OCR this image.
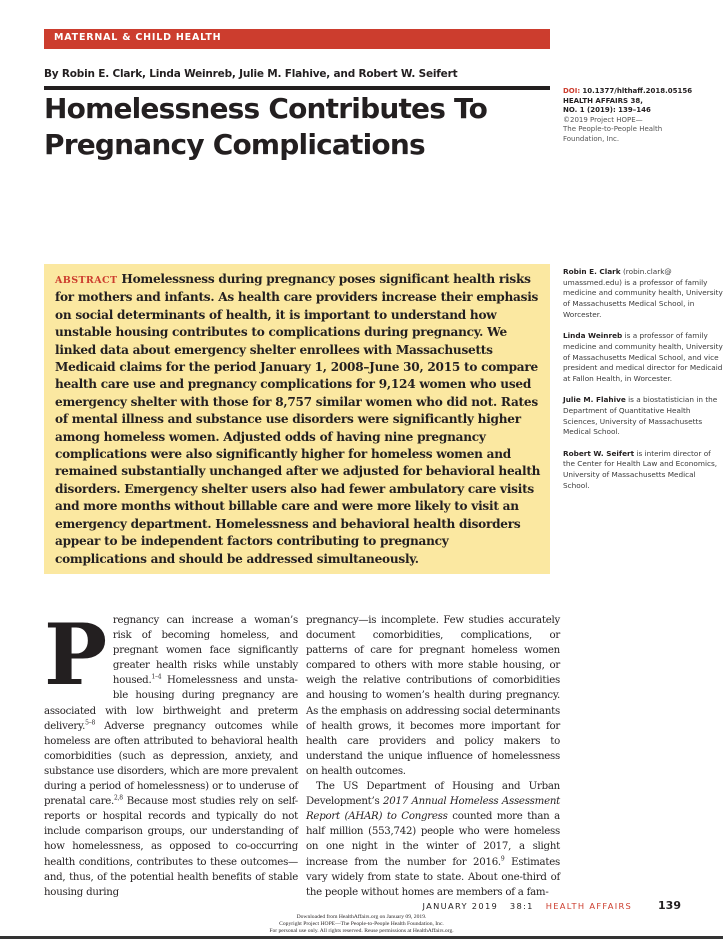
MATERNAL & CHILD HEALTH
By Robin E. Clark, Linda Weinreb, Julie M. Flahive, and Robert W. Seifert
Homelessness Contributes To
Pregnancy Complications
DOI: 10.1377/hlthaff.2018.05156
HEALTH AFFAIRS 38,
NO. 1 (2019): 139–146
©2019 Project HOPE—
The People-to-People Health
Foundation, Inc.
ABSTRACT Homelessness during pregnancy poses significant health risks for mothers and infants. As health care providers increase their emphasis on social determinants of health, it is important to understand how unstable housing contributes to complications during pregnancy. We linked data about emergency shelter enrollees with Massachusetts Medicaid claims for the period January 1, 2008–June 30, 2015 to compare health care use and pregnancy complications for 9,124 women who used emergency shelter with those for 8,757 similar women who did not. Rates of mental illness and substance use disorders were significantly higher among homeless women. Adjusted odds of having nine pregnancy complications were also significantly higher for homeless women and remained substantially unchanged after we adjusted for behavioral health disorders. Emergency shelter users also had fewer ambulatory care visits and more months without billable care and were more likely to visit an emergency department. Homelessness and behavioral health disorders appear to be independent factors contributing to pregnancy complications and should be addressed simultaneously.
Robin E. Clark (robin.clark@ umassmed.edu) is a professor of family medicine and community health, University of Massachusetts Medical School, in Worcester.
Linda Weinreb is a professor of family medicine and community health, University of Massachusetts Medical School, and vice president and medical director for Medicaid at Fallon Health, in Worcester.
Julie M. Flahive is a biostatistician in the Department of Quantitative Health Sciences, University of Massachusetts Medical School.
Robert W. Seifert is interim director of the Center for Health Law and Economics, University of Massachusetts Medical School.

Pregnancy can increase a woman’s risk of becoming homeless, and pregnant women face significantly greater health risks while unstably housed.$^{1-4}$ Homelessness and unstable housing during pregnancy are associated with low birthweight and preterm delivery.$^{5-8}$ Adverse pregnancy outcomes while homeless are often attributed to behavioral health comorbidities (such as depression, anxiety, and substance use disorders, which are more prevalent during a period of homelessness) or to underuse of prenatal care.$^{2,8}$ Because most studies rely on self-reports or hospital records and typically do not include comparison groups, our understanding of how homelessness, as opposed to co-occurring health conditions, contributes to these outcomes—and, thus, of the potential health benefits of stable housing during

pregnancy—is incomplete. Few studies accurately document comorbidities, complications, or patterns of care for pregnant homeless women compared to others with more stable housing, or weigh the relative contributions of comorbidities and housing to women’s health during pregnancy. As the emphasis on addressing social determinants of health grows, it becomes more important for health care providers and policy makers to understand the unique influence of homelessness on health outcomes.

The US Department of Housing and Urban Development’s 2017 Annual Homeless Assessment Report (AHAR) to Congress counted more than a half million (553,742) people who were homeless on one night in the winter of 2017, a slight increase from the number for 2016.$^9$ Estimates vary widely from state to state. About one-third of the people without homes are members of a fam-

JANUARY 2019   38:1 HEALTH AFFAIRS 139
Downloaded from HealthAffairs.org on January 09, 2019.
Copyright Project HOPE—The People-to-People Health Foundation, Inc.
For personal use only. All rights reserved. Reuse permissions at HealthAffairs.org.
